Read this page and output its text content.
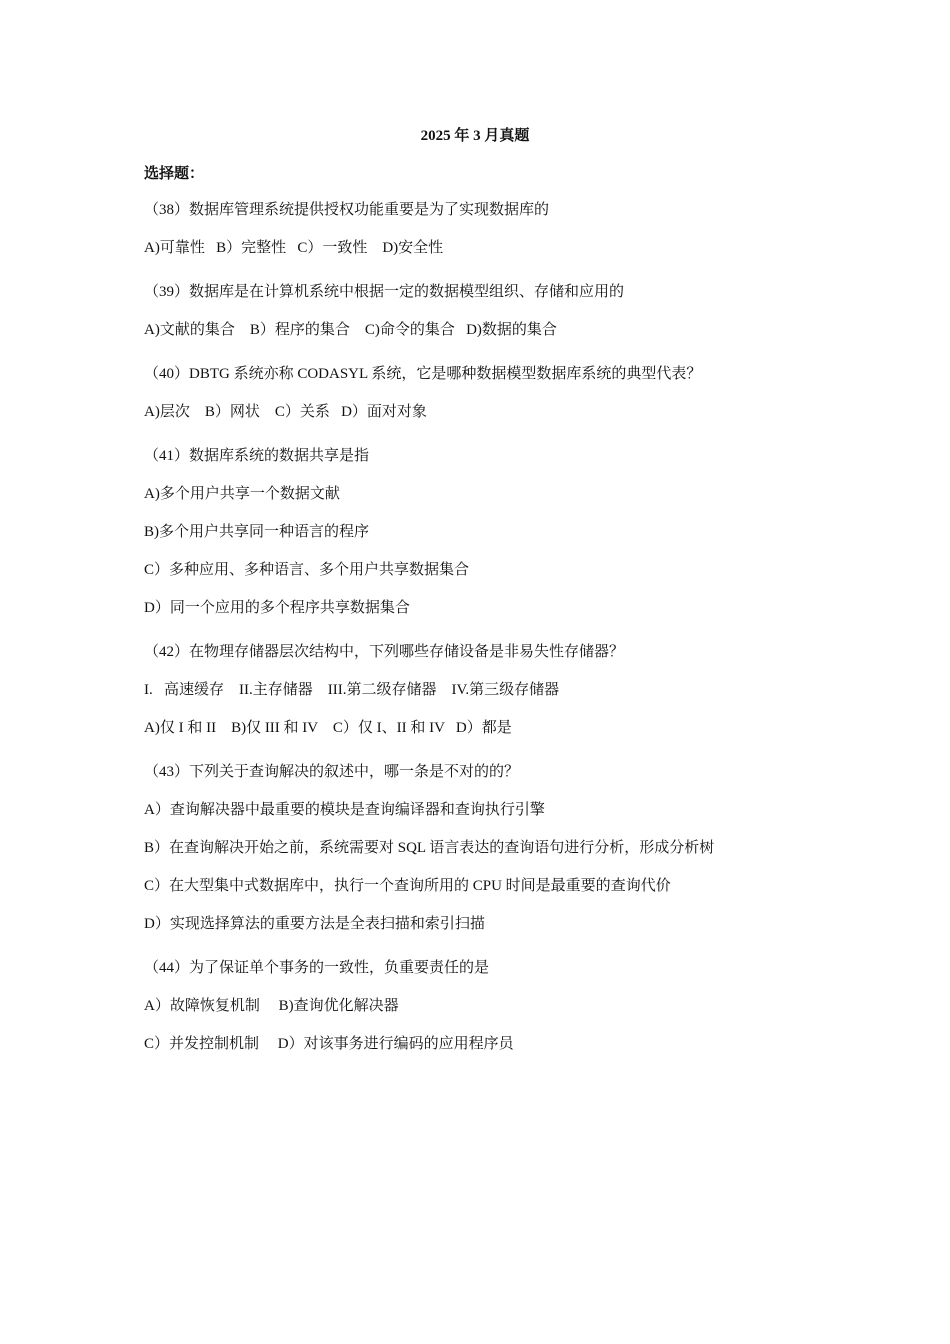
2025 年 3 月真题
选择题：
（38）数据库管理系统提供授权功能重要是为了实现数据库的
A)可靠性   B）完整性   C）一致性    D)安全性
（39）数据库是在计算机系统中根据一定的数据模型组织、存储和应用的
A)文献的集合    B）程序的集合    C)命令的集合   D)数据的集合
（40）DBTG 系统亦称 CODASYL 系统，它是哪种数据模型数据库系统的典型代表？
A)层次    B）网状    C）关系   D）面对对象
（41）数据库系统的数据共享是指
A)多个用户共享一个数据文献
B)多个用户共享同一种语言的程序
C）多种应用、多种语言、多个用户共享数据集合
D）同一个应用的多个程序共享数据集合
（42）在物理存储器层次结构中，下列哪些存储设备是非易失性存储器？
I.   高速缓存    II.主存储器    III.第二级存储器    IV.第三级存储器
A)仅 I 和 II    B)仅 III 和 IV    C）仅 I、II 和 IV   D）都是
（43）下列关于查询解决的叙述中，哪一条是不对的的？
A）查询解决器中最重要的模块是查询编译器和查询执行引擎
B）在查询解决开始之前，系统需要对 SQL 语言表达的查询语句进行分析，形成分析树
C）在大型集中式数据库中，执行一个查询所用的 CPU 时间是最重要的查询代价
D）实现选择算法的重要方法是全表扫描和索引扫描
（44）为了保证单个事务的一致性，负重要责任的是
A）故障恢复机制     B)查询优化解决器
C）并发控制机制     D）对该事务进行编码的应用程序员
